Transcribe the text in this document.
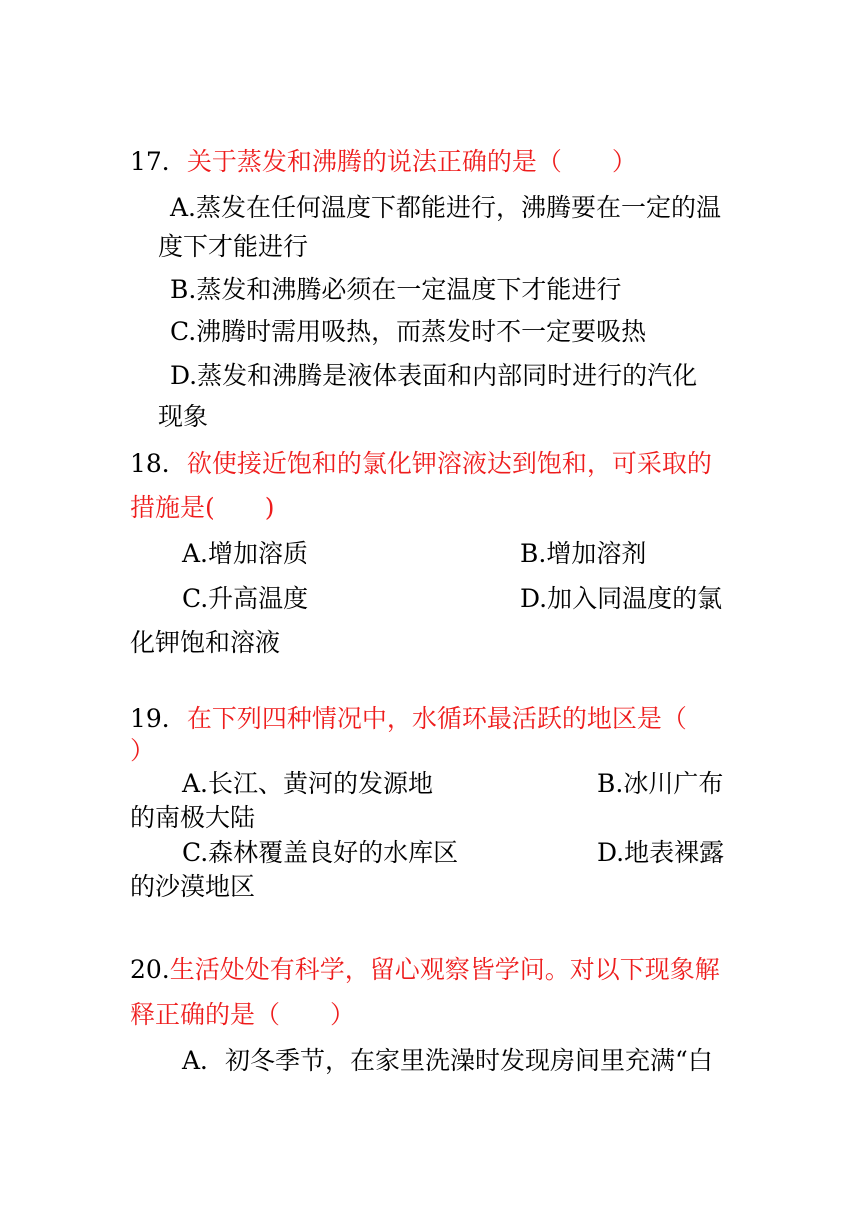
17．关于蒸发和沸腾的说法正确的是（　　）
A.蒸发在任何温度下都能进行，沸腾要在一定的温
度下才能进行
B.蒸发和沸腾必须在一定温度下才能进行
C.沸腾时需用吸热，而蒸发时不一定要吸热
D.蒸发和沸腾是液体表面和内部同时进行的汽化
现象
18．欲使接近饱和的氯化钾溶液达到饱和，可采取的
措施是(　　)
A.增加溶质	B.增加溶剂
C.升高温度	D.加入同温度的氯
化钾饱和溶液
19．在下列四种情况中，水循环最活跃的地区是（
）
A.长江、黄河的发源地	B.冰川广布
的南极大陆
C.森林覆盖良好的水库区	D.地表裸露
的沙漠地区
20.生活处处有科学，留心观察皆学问。对以下现象解
释正确的是（　　）
A．初冬季节，在家里洗澡时发现房间里充满“白
